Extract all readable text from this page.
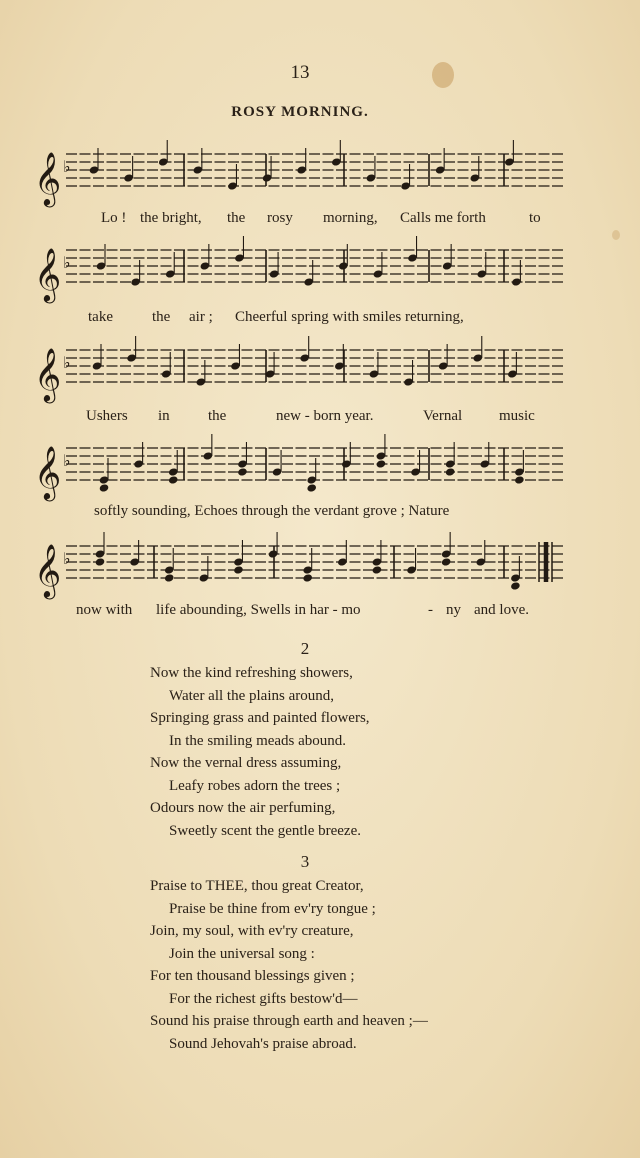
13
ROSY MORNING.
𝄞 ♭
𝄞 ♭
𝄞 ♭
𝄞 ♭
𝄞 ♭
Lo ! the bright, the rosy morning, Calls me forth	to
take	the air ; Cheerful spring with smiles returning,
Ushers in	the	new - born year.	Vernal music
softly sounding, Echoes through the verdant grove ; Nature
now with life abounding, Swells in har - mo	- ny and love.
2
Now the kind refreshing showers,
Water all the plains around,
Springing grass and painted flowers,
In the smiling meads abound.
Now the vernal dress assuming,
Leafy robes adorn the trees ;
Odours now the air perfuming,
Sweetly scent the gentle breeze.
3
Praise to THEE, thou great Creator,
Praise be thine from ev'ry tongue ;
Join, my soul, with ev'ry creature,
Join the universal song :
For ten thousand blessings given ;
For the richest gifts bestow'd—
Sound his praise through earth and heaven ;—
Sound Jehovah's praise abroad.
